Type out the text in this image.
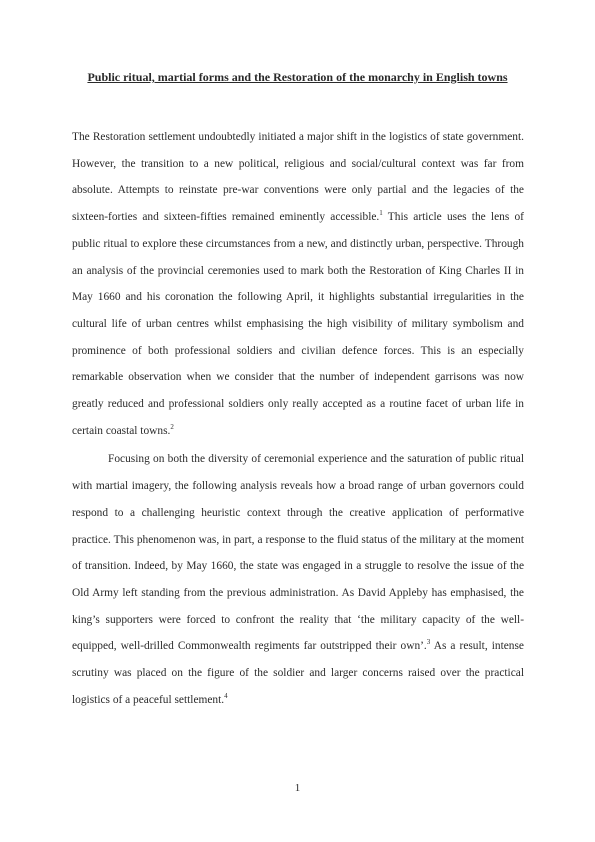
Public ritual, martial forms and the Restoration of the monarchy in English towns

The Restoration settlement undoubtedly initiated a major shift in the logistics of state government. However, the transition to a new political, religious and social/cultural context was far from absolute. Attempts to reinstate pre-war conventions were only partial and the legacies of the sixteen-forties and sixteen-fifties remained eminently accessible.$^1$ This article uses the lens of public ritual to explore these circumstances from a new, and distinctly urban, perspective. Through an analysis of the provincial ceremonies used to mark both the Restoration of King Charles II in May 1660 and his coronation the following April, it highlights substantial irregularities in the cultural life of urban centres whilst emphasising the high visibility of military symbolism and prominence of both professional soldiers and civilian defence forces. This is an especially remarkable observation when we consider that the number of independent garrisons was now greatly reduced and professional soldiers only really accepted as a routine facet of urban life in certain coastal towns.$^2$

Focusing on both the diversity of ceremonial experience and the saturation of public ritual with martial imagery, the following analysis reveals how a broad range of urban governors could respond to a challenging heuristic context through the creative application of performative practice. This phenomenon was, in part, a response to the fluid status of the military at the moment of transition. Indeed, by May 1660, the state was engaged in a struggle to resolve the issue of the Old Army left standing from the previous administration. As David Appleby has emphasised, the king’s supporters were forced to confront the reality that ‘the military capacity of the well-equipped, well-drilled Commonwealth regiments far outstripped their own’.$^3$ As a result, intense scrutiny was placed on the figure of the soldier and larger concerns raised over the practical logistics of a peaceful settlement.$^4$

1
